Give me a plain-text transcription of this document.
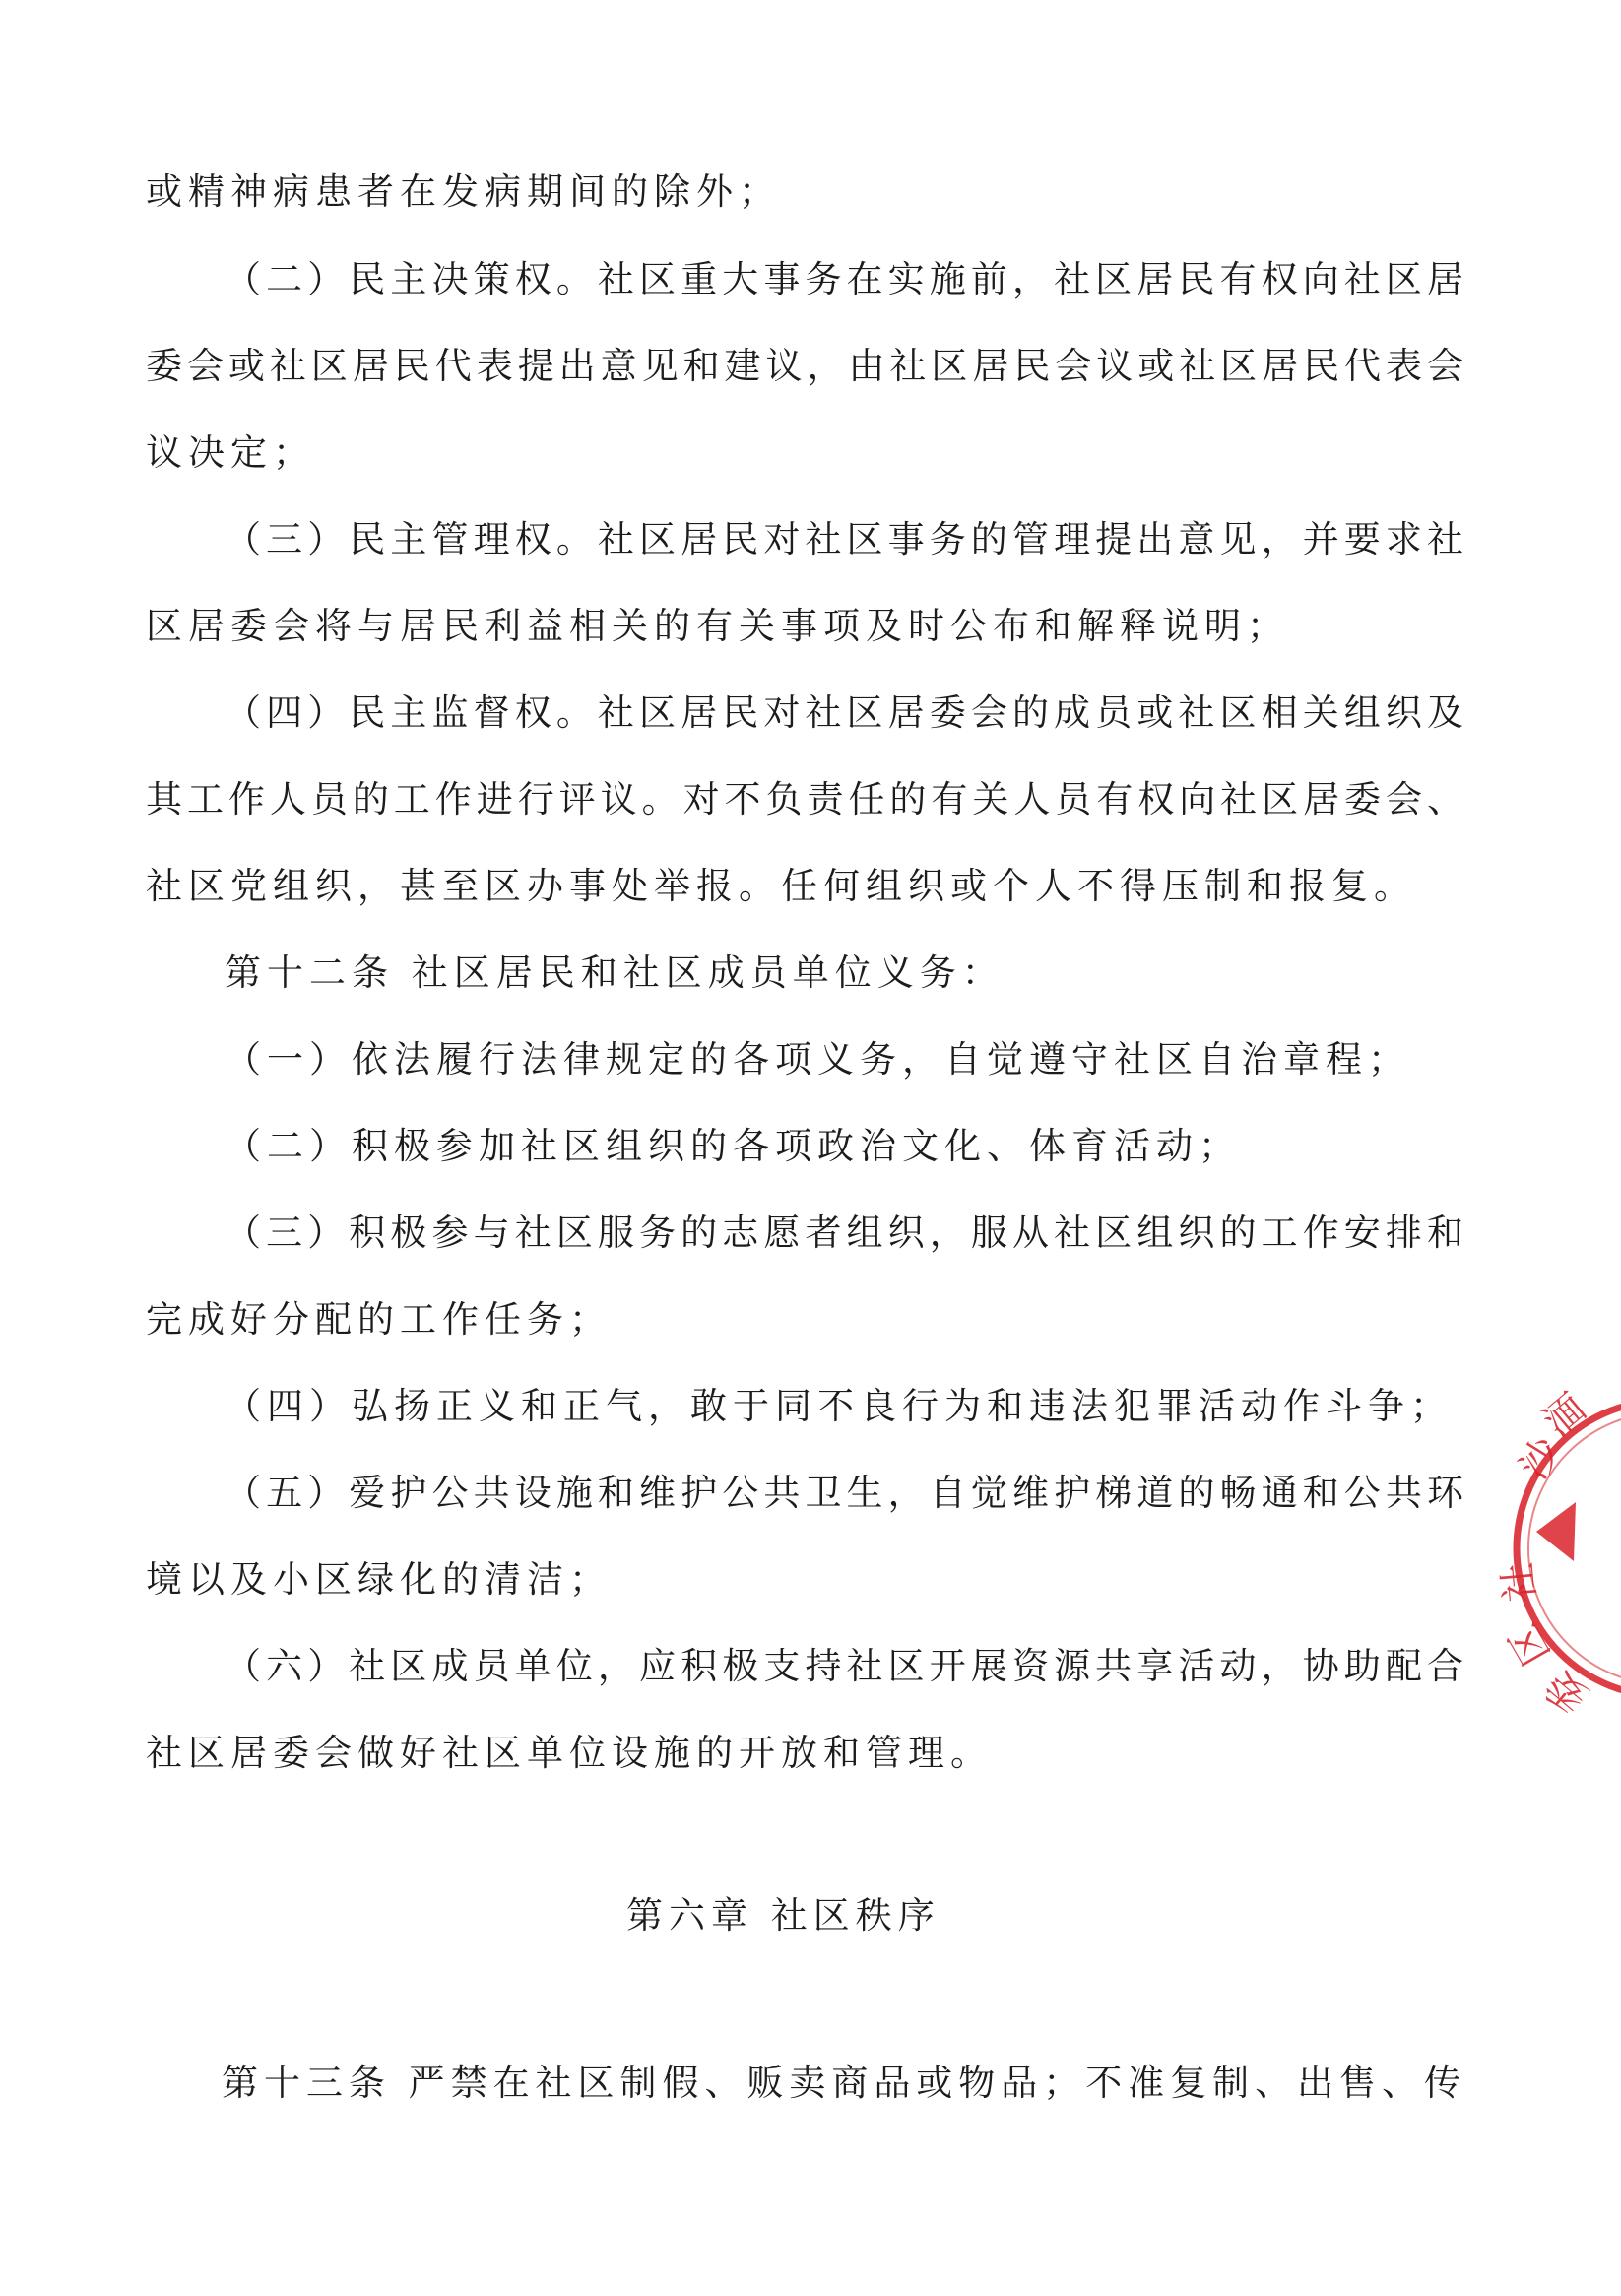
或精神病患者在发病期间的除外；
（二）民主决策权。社区重大事务在实施前，社区居民有权向社区居
委会或社区居民代表提出意见和建议，由社区居民会议或社区居民代表会
议决定；
（三）民主管理权。社区居民对社区事务的管理提出意见，并要求社
区居委会将与居民利益相关的有关事项及时公布和解释说明；
（四）民主监督权。社区居民对社区居委会的成员或社区相关组织及
其工作人员的工作进行评议。对不负责任的有关人员有权向社区居委会、
社区党组织，甚至区办事处举报。任何组织或个人不得压制和报复。
第十二条 社区居民和社区成员单位义务：
（一）依法履行法律规定的各项义务，自觉遵守社区自治章程；
（二）积极参加社区组织的各项政治文化、体育活动；
（三）积极参与社区服务的志愿者组织，服从社区组织的工作安排和
完成好分配的工作任务；
（四）弘扬正义和正气，敢于同不良行为和违法犯罪活动作斗争；
（五）爱护公共设施和维护公共卫生，自觉维护梯道的畅通和公共环
境以及小区绿化的清洁；
（六）社区成员单位，应积极支持社区开展资源共享活动，协助配合
社区居委会做好社区单位设施的开放和管理。
第六章 社区秩序
第十三条 严禁在社区制假、贩卖商品或物品；不准复制、出售、传
沙
湎
社
区
委
